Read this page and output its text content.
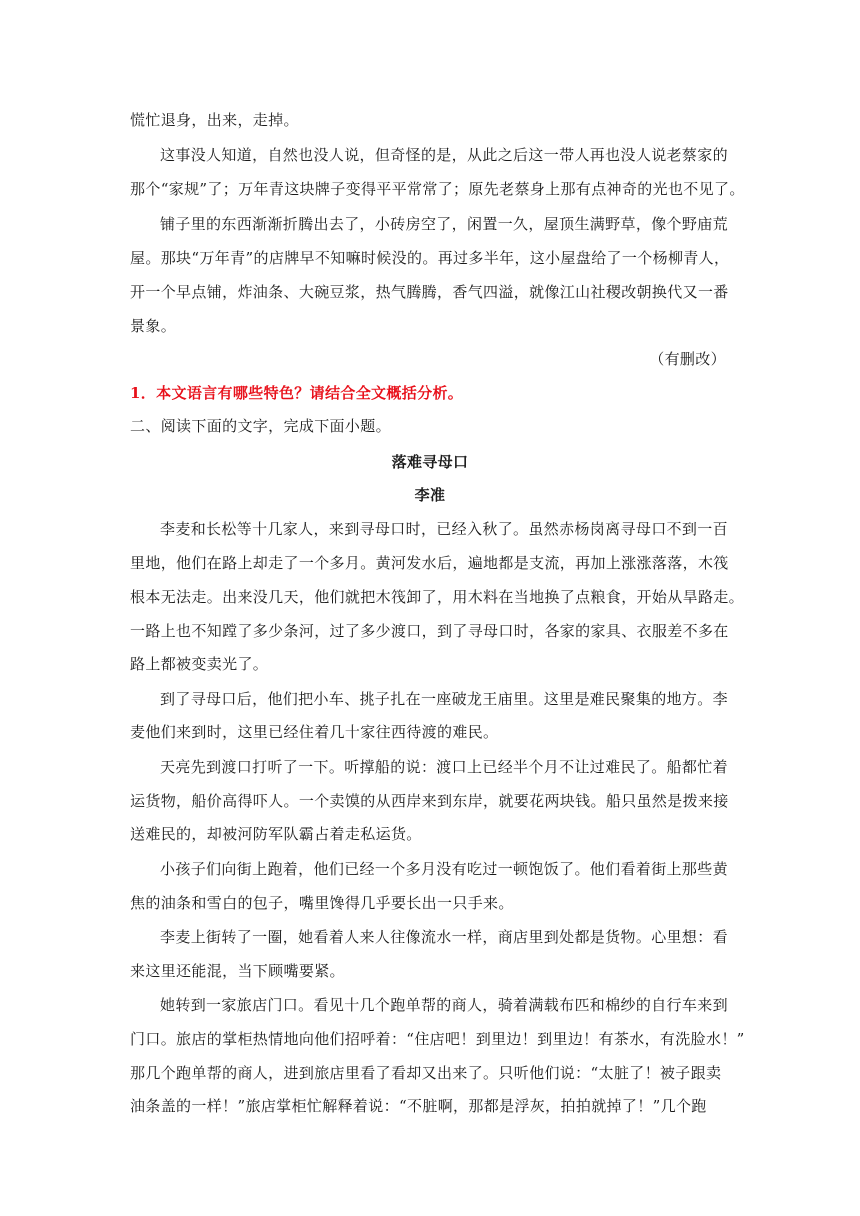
慌忙退身，出来，走掉。
这事没人知道，自然也没人说，但奇怪的是，从此之后这一带人再也没人说老蔡家的
那个“家规”了；万年青这块牌子变得平平常常了；原先老蔡身上那有点神奇的光也不见了。
铺子里的东西渐渐折腾出去了，小砖房空了，闲置一久，屋顶生满野草，像个野庙荒
屋。那块“万年青”的店牌早不知嘛时候没的。再过多半年，这小屋盘给了一个杨柳青人，
开一个早点铺，炸油条、大碗豆浆，热气腾腾，香气四溢，就像江山社稷改朝换代又一番
景象。
（有删改）
1．本文语言有哪些特色？请结合全文概括分析。
二、阅读下面的文字，完成下面小题。
落难寻母口
李准
李麦和长松等十几家人，来到寻母口时，已经入秋了。虽然赤杨岗离寻母口不到一百
里地，他们在路上却走了一个多月。黄河发水后，遍地都是支流，再加上涨涨落落，木筏
根本无法走。出来没几天，他们就把木筏卸了，用木料在当地换了点粮食，开始从旱路走。
一路上也不知蹚了多少条河，过了多少渡口，到了寻母口时，各家的家具、衣服差不多在
路上都被变卖光了。
到了寻母口后，他们把小车、挑子扎在一座破龙王庙里。这里是难民聚集的地方。李
麦他们来到时，这里已经住着几十家往西待渡的难民。
天亮先到渡口打听了一下。听撑船的说：渡口上已经半个月不让过难民了。船都忙着
运货物，船价高得吓人。一个卖馍的从西岸来到东岸，就要花两块钱。船只虽然是拨来接
送难民的，却被河防军队霸占着走私运货。
小孩子们向街上跑着，他们已经一个多月没有吃过一顿饱饭了。他们看着街上那些黄
焦的油条和雪白的包子，嘴里馋得几乎要长出一只手来。
李麦上街转了一圈，她看着人来人往像流水一样，商店里到处都是货物。心里想：看
来这里还能混，当下顾嘴要紧。
她转到一家旅店门口。看见十几个跑单帮的商人，骑着满载布匹和棉纱的自行车来到
门口。旅店的掌柜热情地向他们招呼着：“住店吧！到里边！到里边！有茶水，有洗脸水！”
那几个跑单帮的商人，进到旅店里看了看却又出来了。只听他们说：“太脏了！被子跟卖
油条盖的一样！”旅店掌柜忙解释着说：“不脏啊，那都是浮灰，拍拍就掉了！”几个跑
